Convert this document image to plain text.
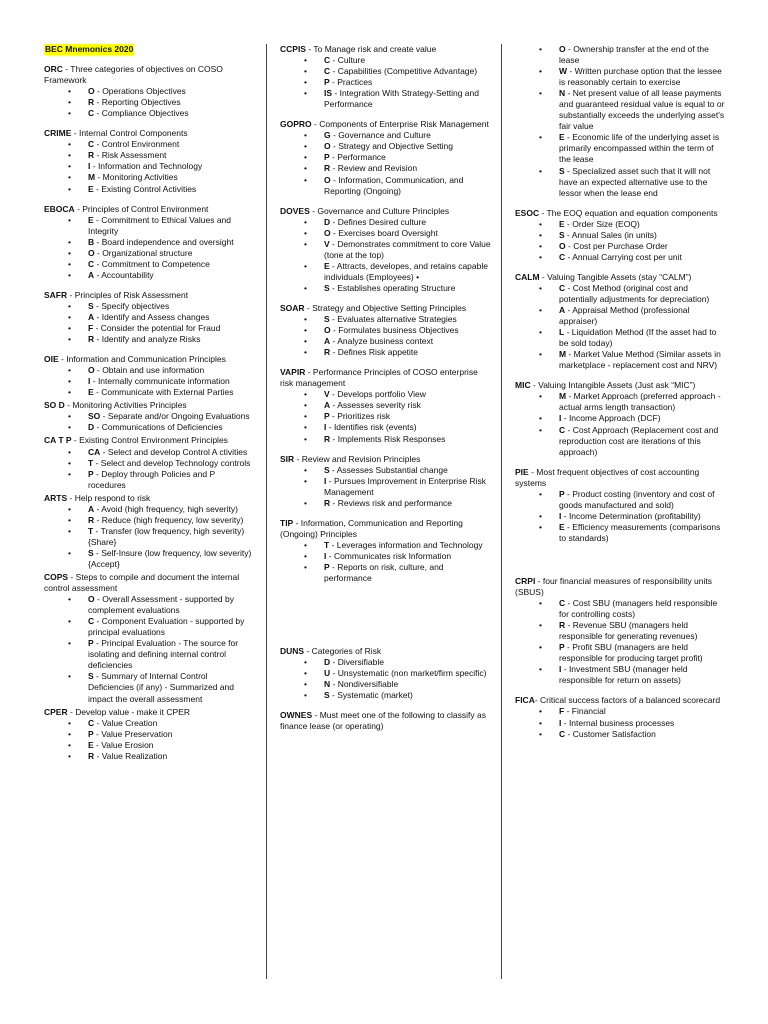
BEC Mnemonics 2020
ORC - Three categories of objectives on COSO Framework
• O - Operations Objectives
• R - Reporting Objectives
• C - Compliance Objectives
CRIME - Internal Control Components
• C - Control Environment
• R - Risk Assessment
• I - Information and Technology
• M - Monitoring Activities
• E - Existing Control Activities
EBOCA - Principles of Control Environment
• E - Commitment to Ethical Values and Integrity
• B - Board independence and oversight
• O - Organizational structure
• C - Commitment to Competence
• A - Accountability
SAFR - Principles of Risk Assessment
• S - Specify objectives
• A - Identify and Assess changes
• F - Consider the potential for Fraud
• R - Identify and analyze Risks
OIE - Information and Communication Principles
• O - Obtain and use information
• I - Internally communicate information
• E - Communicate with External Parties
SO D - Monitoring Activities Principles
• SO - Separate and/or Ongoing Evaluations
• D - Communications of Deficiencies
CA T P - Existing Control Environment Principles
• CA - Select and develop Control A ctivities
• T - Select and develop Technology controls
• P - Deploy through Policies and P rocedures
ARTS - Help respond to risk
• A - Avoid (high frequency, high severity)
• R - Reduce (high frequency, low severity)
• T - Transfer (low frequency, high severity) {Share}
• S - Self-Insure (low frequency, low severity) {Accept}
COPS - Steps to compile and document the internal control assessment
• O - Overall Assessment - supported by complement evaluations
• C - Component Evaluation - supported by principal evaluations
• P - Principal Evaluation - The source for isolating and defining internal control deficiencies
• S - Summary of Internal Control Deficiencies (if any) - Summarized and impact the overall assessment
CPER - Develop value - make it CPER
• C - Value Creation
• P - Value Preservation
• E - Value Erosion
• R - Value Realization
CCPIS - To Manage risk and create value
• C - Culture
• C - Capabilities (Competitive Advantage)
• P - Practices
• IS - Integration With Strategy-Setting and Performance
GOPRO - Components of Enterprise Risk Management
• G - Governance and Culture
• O - Strategy and Objective Setting
• P - Performance
• R - Review and Revision
• O - Information, Communication, and Reporting (Ongoing)
DOVES - Governance and Culture Principles
• D - Defines Desired culture
• O - Exercises board Oversight
• V - Demonstrates commitment to core Value (tone at the top)
• E - Attracts, developes, and retains capable individuals (Employees) •
• S - Establishes operating Structure
SOAR - Strategy and Objective Setting Principles
• S - Evaluates alternative Strategies
• O - Formulates business Objectives
• A - Analyze business context
• R - Defines Risk appetite
VAPIR - Performance Principles of COSO enterprise risk management
• V - Develops portfolio View
• A - Assesses severity risk
• P - Prioritizes risk
• I - Identifies risk (events)
• R - Implements Risk Responses
SIR - Review and Revision Principles
• S - Assesses Substantial change
• I - Pursues Improvement in Enterprise Risk Management
• R - Reviews risk and performance
TIP - Information, Communication and Reporting (Ongoing) Principles
• T - Leverages information and Technology
• I - Communicates risk Information
• P - Reports on risk, culture, and performance
DUNS - Categories of Risk
• D - Diversifiable
• U - Unsystematic (non market/firm specific)
• N - Nondiversifiable
• S - Systematic (market)
OWNES - Must meet one of the following to classify as finance lease (or operating)
• O - Ownership transfer at the end of the lease
• W - Written purchase option that the lessee is reasonably certain to exercise
• N - Net present value of all lease payments and guaranteed residual value is equal to or substantially exceeds the underlying asset's fair value
• E - Economic life of the underlying asset is primarily encompassed within the term of the lease
• S - Specialized asset such that it will not have an expected alternative use to the lessor when the lease end
ESOC - The EOQ equation and equation components
• E - Order Size (EOQ)
• S - Annual Sales (in units)
• O - Cost per Purchase Order
• C - Annual Carrying cost per unit
CALM - Valuing Tangible Assets (stay “CALM”)
• C - Cost Method (original cost and potentially adjustments for depreciation)
• A - Appraisal Method (professional appraiser)
• L - Liquidation Method (If the asset had to be sold today)
• M - Market Value Method (Similar assets in marketplace - replacement cost and NRV)
MIC - Valuing Intangible Assets (Just ask “MIC”)
• M - Market Approach (preferred approach - actual arms length transaction)
• I - Income Approach (DCF)
• C - Cost Approach (Replacement cost and reproduction cost are iterations of this approach)
PIE - Most frequent objectives of cost accounting systems
• P - Product costing (inventory and cost of goods manufactured and sold)
• I - Income Determination (profitability)
• E - Efficiency measurements (comparisons to standards)
CRPI - four financial measures of responsibility units (SBUS)
• C - Cost SBU (managers held responsible for controlling costs)
• R - Revenue SBU (managers held responsible for generating revenues)
• P - Profit SBU (managers are held responsible for producing target profit)
• I - Investment SBU (manager held responsible for return on assets)
FICA- Critical success factors of a balanced scorecard
• F - Financial
• I - Internal business processes
• C - Customer Satisfaction
